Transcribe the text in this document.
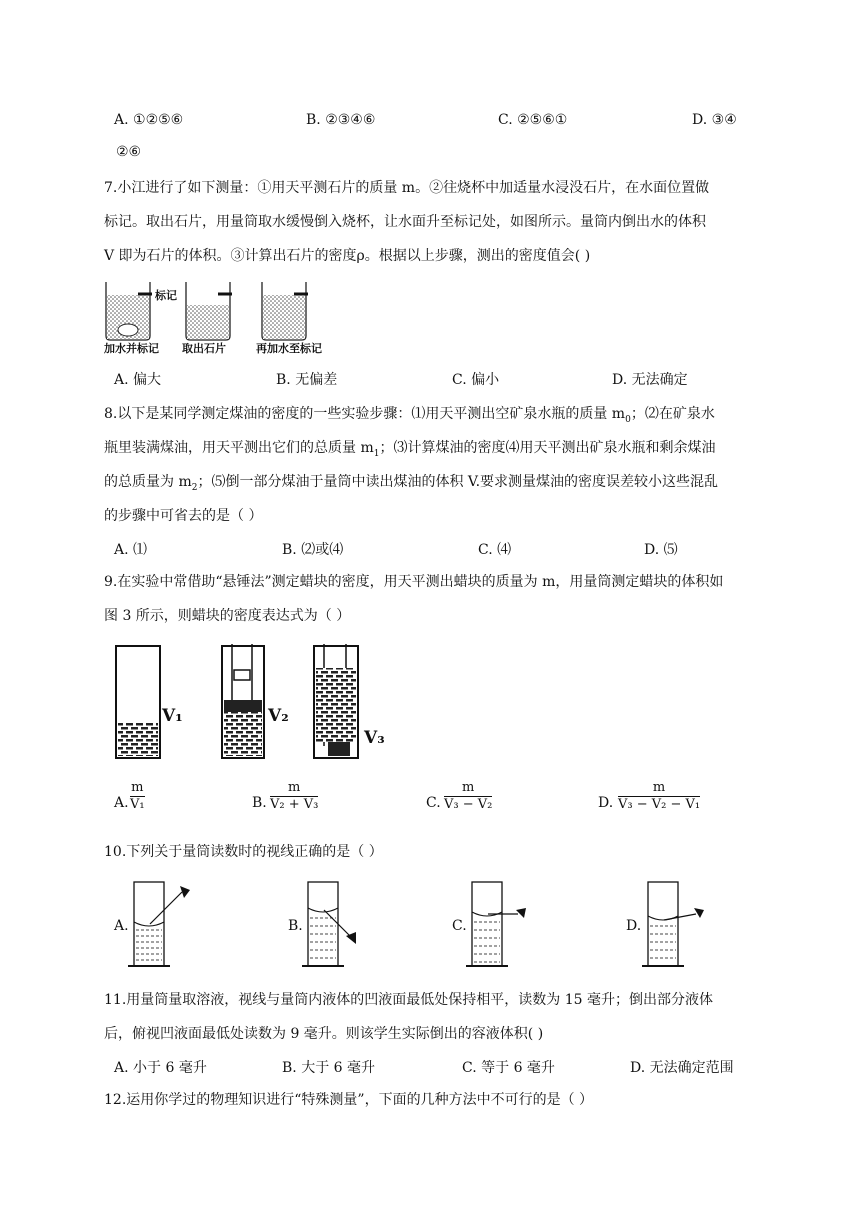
A. ①②⑤⑥	B. ②③④⑥	C. ②⑤⑥①	D. ③④
②⑥
7.小江进行了如下测量：①用天平测石片的质量 m。②往烧杯中加适量水浸没石片，在水面位置做
标记。取出石片，用量筒取水缓慢倒入烧杯，让水面升至标记处，如图所示。量筒内倒出水的体积
V 即为石片的体积。③计算出石片的密度ρ。根据以上步骤，测出的密度值会( )
标记
加水并标记 取出石片	再加水至标记
A. 偏大	B. 无偏差	C. 偏小	D. 无法确定
8.以下是某同学测定煤油的密度的一些实验步骤：⑴用天平测出空矿泉水瓶的质量 $m_0$；⑵在矿泉水
瓶里装满煤油，用天平测出它们的总质量 $m_1$；⑶计算煤油的密度⑷用天平测出矿泉水瓶和剩余煤油
的总质量为 $m_2$；⑸倒一部分煤油于量筒中读出煤油的体积 V.要求测量煤油的密度误差较小这些混乱
的步骤中可省去的是（ ）
A. ⑴	B. ⑵或⑷	C. ⑷	D. ⑸
9.在实验中常借助“悬锤法”测定蜡块的密度，用天平测出蜡块的质量为 m，用量筒测定蜡块的体积如
图 3 所示，则蜡块的密度表达式为（ ）
V₁	V₂
V₃
A.
m
V₁	B.
m
V₂ + V₃	C.
m
V₃ − V₂	D.
m
V₃ − V₂ − V₁
10.下列关于量筒读数时的视线正确的是（ ）
A.	B.	C.	D.
11.用量筒量取溶液，视线与量筒内液体的凹液面最低处保持相平，读数为 15 毫升；倒出部分液体
后，俯视凹液面最低处读数为 9 毫升。则该学生实际倒出的容液体积( )
A. 小于 6 毫升	B. 大于 6 毫升	C. 等于 6 毫升	D. 无法确定范围
12.运用你学过的物理知识进行“特殊测量”，下面的几种方法中不可行的是（ ）
